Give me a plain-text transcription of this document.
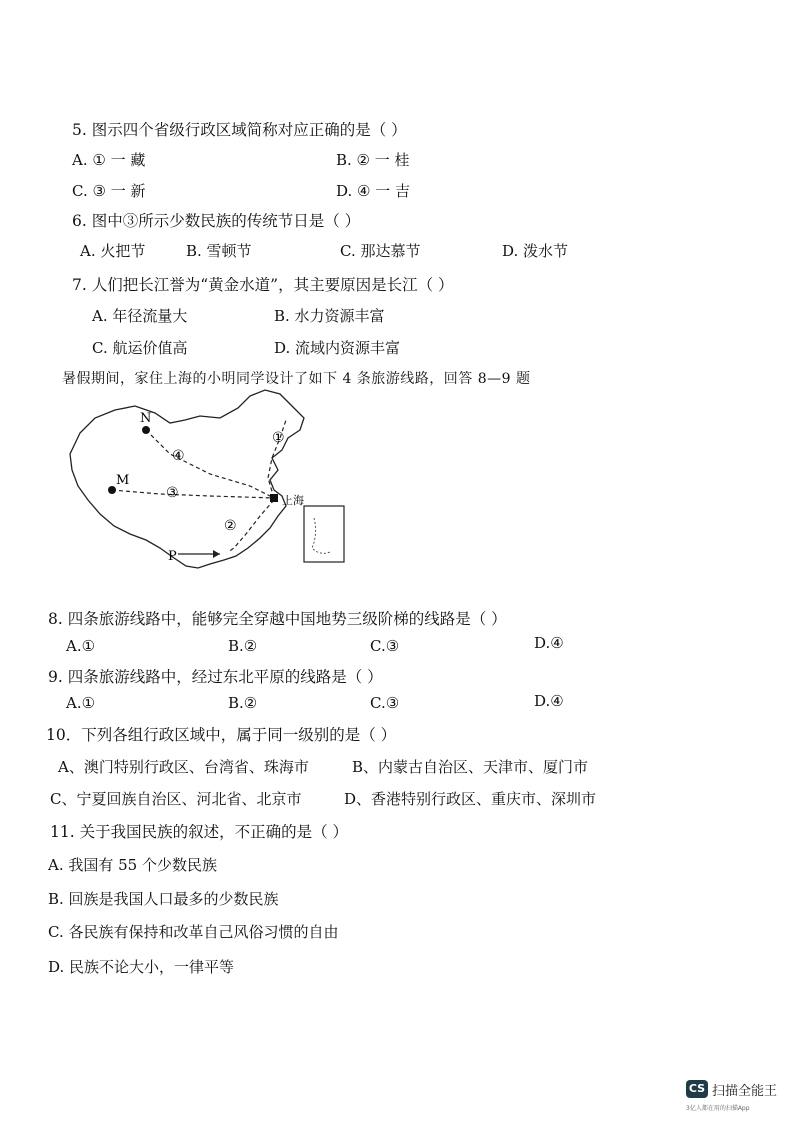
5. 图示四个省级行政区域简称对应正确的是（ ）
A. ① 一 藏	B. ② 一 桂
C. ③ 一 新	D. ④ 一 吉
6. 图中③所示少数民族的传统节日是（ ）
A. 火把节	B. 雪顿节	C. 那达慕节	D. 泼水节
7. 人们把长江誉为“黄金水道”，其主要原因是长江（ ）
A. 年径流量大	B. 水力资源丰富
C. 航运价值高	D. 流域内资源丰富
暑假期间，家住上海的小明同学设计了如下 4 条旅游线路，回答 8—9 题
N
M
P
上海
①
②
③
④
8. 四条旅游线路中，能够完全穿越中国地势三级阶梯的线路是（ ）
A.①	B.②	C.③	D.④
9. 四条旅游线路中，经过东北平原的线路是（ ）
A.①	B.②	C.③	D.④
10．下列各组行政区域中，属于同一级别的是（ ）
A、澳门特别行政区、台湾省、珠海市	B、内蒙古自治区、天津市、厦门市
C、宁夏回族自治区、河北省、北京市	D、香港特别行政区、重庆市、深圳市
11. 关于我国民族的叙述，不正确的是（ ）
A. 我国有 55 个少数民族
B. 回族是我国人口最多的少数民族
C. 各民族有保持和改革自己风俗习惯的自由
D. 民族不论大小，一律平等
CS 扫描全能王
3亿人都在用的扫描App
